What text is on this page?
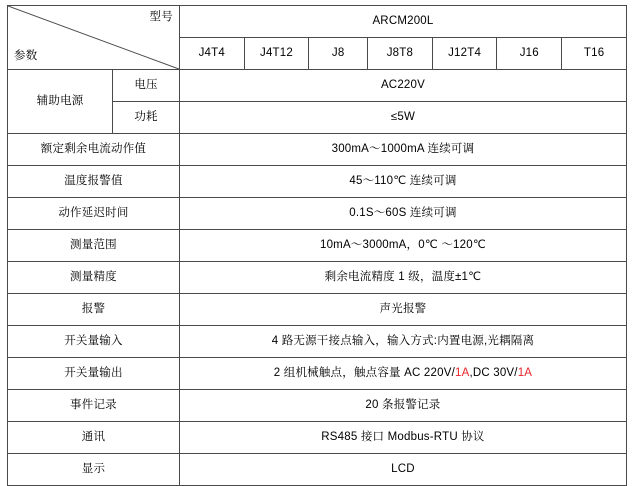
型号
参数		ARCM200L						
		J4T4	J4T12	J8	J8T8	J12T4	J16	T16
辅助电源	电压	AC220V						
	功耗	≤5W						
额定剩余电流动作值		300mA～1000mA 连续可调						
温度报警值		45～110℃ 连续可调						
动作延迟时间		0.1S～60S 连续可调						
测量范围		10mA～3000mA，0℃ ～120℃						
测量精度		剩余电流精度 1 级，温度±1℃						
报警		声光报警						
开关量输入		4 路无源干接点输入，输入方式:内置电源,光耦隔离						
开关量输出		2 组机械触点，触点容量 AC 220V/1A,DC 30V/1A						
事件记录		20 条报警记录						
通讯		RS485 接口 Modbus-RTU 协议						
显示		LCD						
